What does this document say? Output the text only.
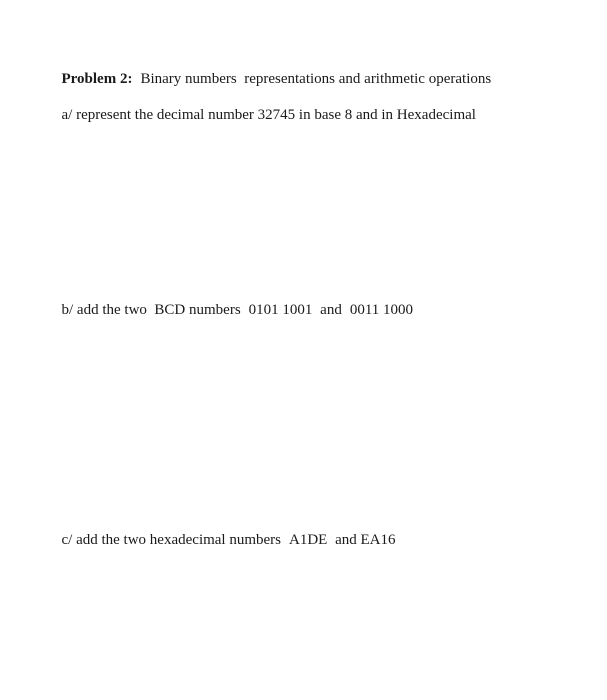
Problem 2: Binary numbers  representations and arithmetic operations

a/ represent the decimal number 32745 in base 8 and in Hexadecimal

b/ add the two  BCD numbers 0101 1001 and 0011 1000

c/ add the two hexadecimal numbers A1DE and EA16
